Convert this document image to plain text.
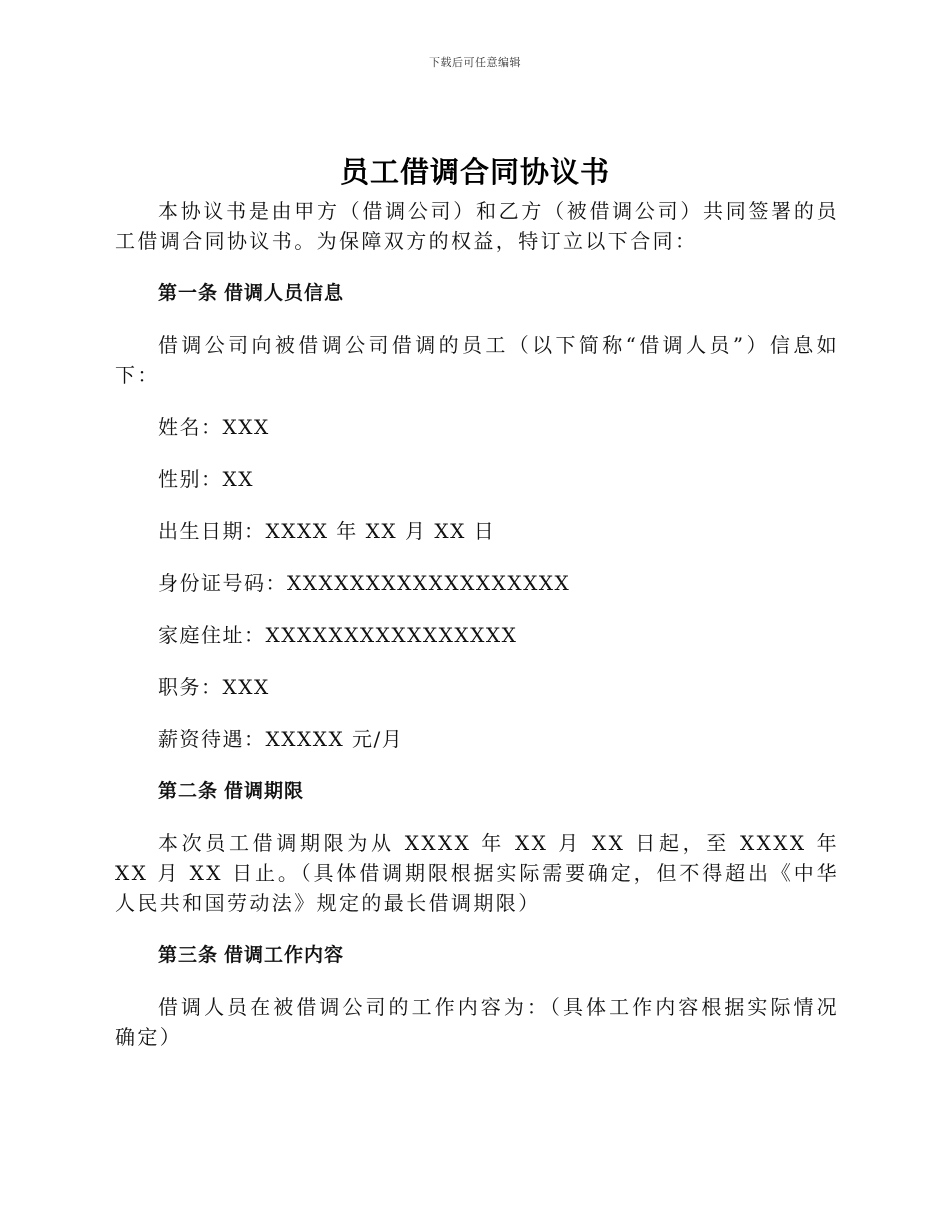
下载后可任意编辑
员工借调合同协议书

本协议书是由甲方（借调公司）和乙方（被借调公司）共同签署的员工借调合同协议书。为保障双方的权益，特订立以下合同：

第一条 借调人员信息

借调公司向被借调公司借调的员工（以下简称“借调人员”）信息如下：

姓名：XXX
性别：XX
出生日期：XXXX 年 XX 月 XX 日
身份证号码：XXXXXXXXXXXXXXXXXX
家庭住址：XXXXXXXXXXXXXXXX
职务：XXX
薪资待遇：XXXXX 元/月
第二条 借调期限

本次员工借调期限为从 XXXX 年 XX 月 XX 日起，至 XXXX 年 XX 月 XX 日止。（具体借调期限根据实际需要确定，但不得超出《中华人民共和国劳动法》规定的最长借调期限）

第三条 借调工作内容

借调人员在被借调公司的工作内容为：（具体工作内容根据实际情况确定）
